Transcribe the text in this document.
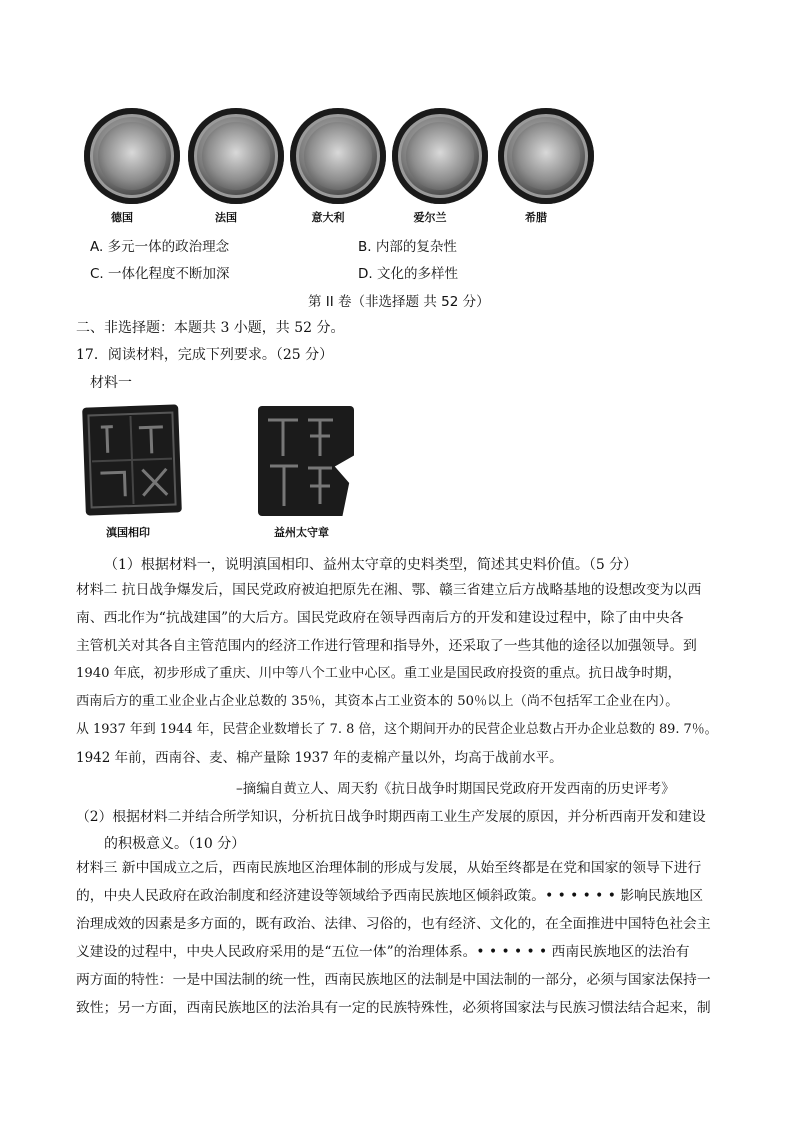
德国	法国	意大利	爱尔兰	希腊
A. 多元一体的政治理念	B. 内部的复杂性
C. 一体化程度不断加深	D. 文化的多样性
第 II 卷（非选择题 共 52 分）
二、非选择题：本题共 3 小题，共 52 分。
17．阅读材料，完成下列要求。（25 分）
材料一
滇国相印	益州太守章
（1）根据材料一，说明滇国相印、益州太守章的史料类型，简述其史料价值。（5 分）
材料二 抗日战争爆发后，国民党政府被迫把原先在湘、鄂、赣三省建立后方战略基地的设想改变为以西
南、西北作为“抗战建国”的大后方。国民党政府在领导西南后方的开发和建设过程中，除了由中央各
主管机关对其各自主管范围内的经济工作进行管理和指导外，还采取了一些其他的途径以加强领导。到
1940 年底，初步形成了重庆、川中等八个工业中心区。重工业是国民政府投资的重点。抗日战争时期，
西南后方的重工业企业占企业总数的 35％，其资本占工业资本的 50％以上（尚不包括军工企业在内）。
从 1937 年到 1944 年，民营企业数增长了 7. 8 倍，这个期间开办的民营企业总数占开办企业总数的 89. 7％。
1942 年前，西南谷、麦、棉产量除 1937 年的麦棉产量以外，均高于战前水平。
–摘编自黄立人、周天豹《抗日战争时期国民党政府开发西南的历史评考》
（2）根据材料二并结合所学知识，分析抗日战争时期西南工业生产发展的原因，并分析西南开发和建设
的积极意义。（10 分）
材料三 新中国成立之后，西南民族地区治理体制的形成与发展，从始至终都是在党和国家的领导下进行
的，中央人民政府在政治制度和经济建设等领域给予西南民族地区倾斜政策。• • • • • • 影响民族地区
治理成效的因素是多方面的，既有政治、法律、习俗的，也有经济、文化的，在全面推进中国特色社会主
义建设的过程中，中央人民政府采用的是“五位一体”的治理体系。• • • • • • 西南民族地区的法治有
两方面的特性：一是中国法制的统一性，西南民族地区的法制是中国法制的一部分，必须与国家法保持一
致性；另一方面，西南民族地区的法治具有一定的民族特殊性，必须将国家法与民族习惯法结合起来，制
